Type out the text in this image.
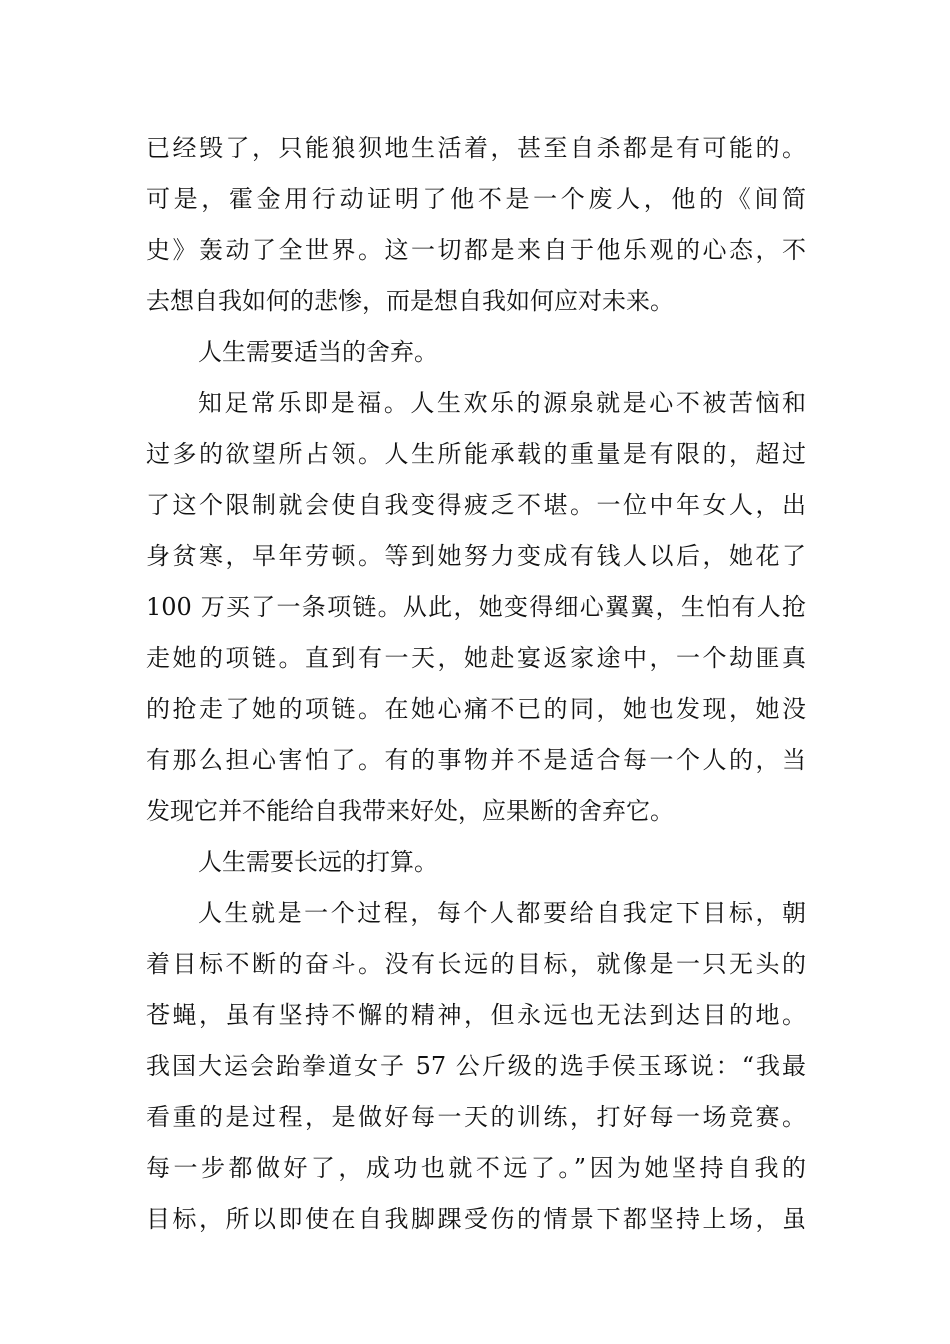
已经毁了，只能狼狈地生活着，甚至自杀都是有可能的。
可是，霍金用行动证明了他不是一个废人，他的《间简
史》轰动了全世界。这一切都是来自于他乐观的心态，不
去想自我如何的悲惨，而是想自我如何应对未来。
人生需要适当的舍弃。
知足常乐即是福。人生欢乐的源泉就是心不被苦恼和
过多的欲望所占领。人生所能承载的重量是有限的，超过
了这个限制就会使自我变得疲乏不堪。一位中年女人，出
身贫寒，早年劳顿。等到她努力变成有钱人以后，她花了
100 万买了一条项链。从此，她变得细心翼翼，生怕有人抢
走她的项链。直到有一天，她赴宴返家途中，一个劫匪真
的抢走了她的项链。在她心痛不已的同，她也发现，她没
有那么担心害怕了。有的事物并不是适合每一个人的，当
发现它并不能给自我带来好处，应果断的舍弃它。
人生需要长远的打算。
人生就是一个过程，每个人都要给自我定下目标，朝
着目标不断的奋斗。没有长远的目标，就像是一只无头的
苍蝇，虽有坚持不懈的精神，但永远也无法到达目的地。
我国大运会跆拳道女子 57 公斤级的选手侯玉琢说：“我最
看重的是过程，是做好每一天的训练，打好每一场竞赛。
每一步都做好了，成功也就不远了。”因为她坚持自我的
目标，所以即使在自我脚踝受伤的情景下都坚持上场，虽
